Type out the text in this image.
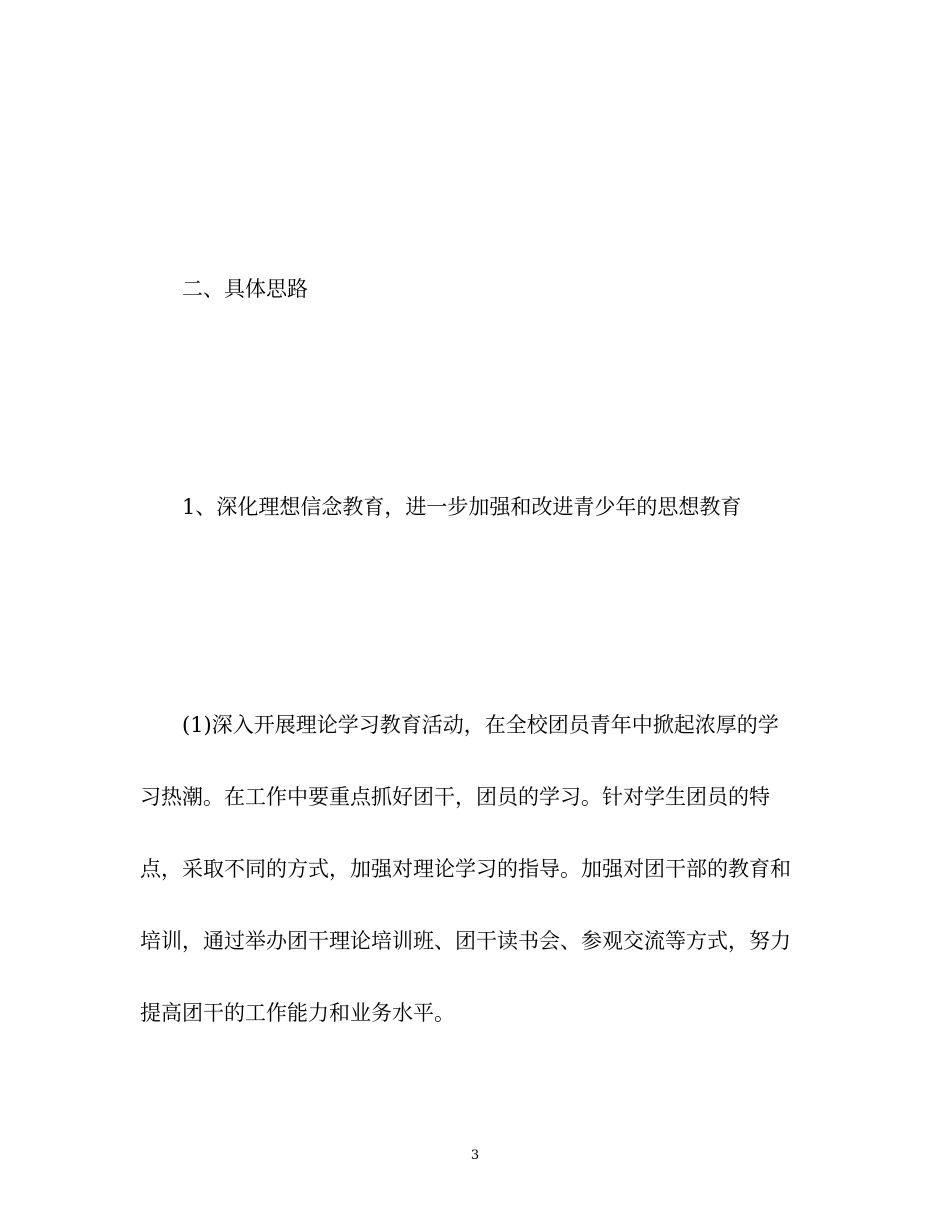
二、具体思路
1、深化理想信念教育，进一步加强和改进青少年的思想教育
(1)深入开展理论学习教育活动，在全校团员青年中掀起浓厚的学
习热潮。在工作中要重点抓好团干，团员的学习。针对学生团员的特
点，采取不同的方式，加强对理论学习的指导。加强对团干部的教育和
培训，通过举办团干理论培训班、团干读书会、参观交流等方式，努力
提高团干的工作能力和业务水平。
3
